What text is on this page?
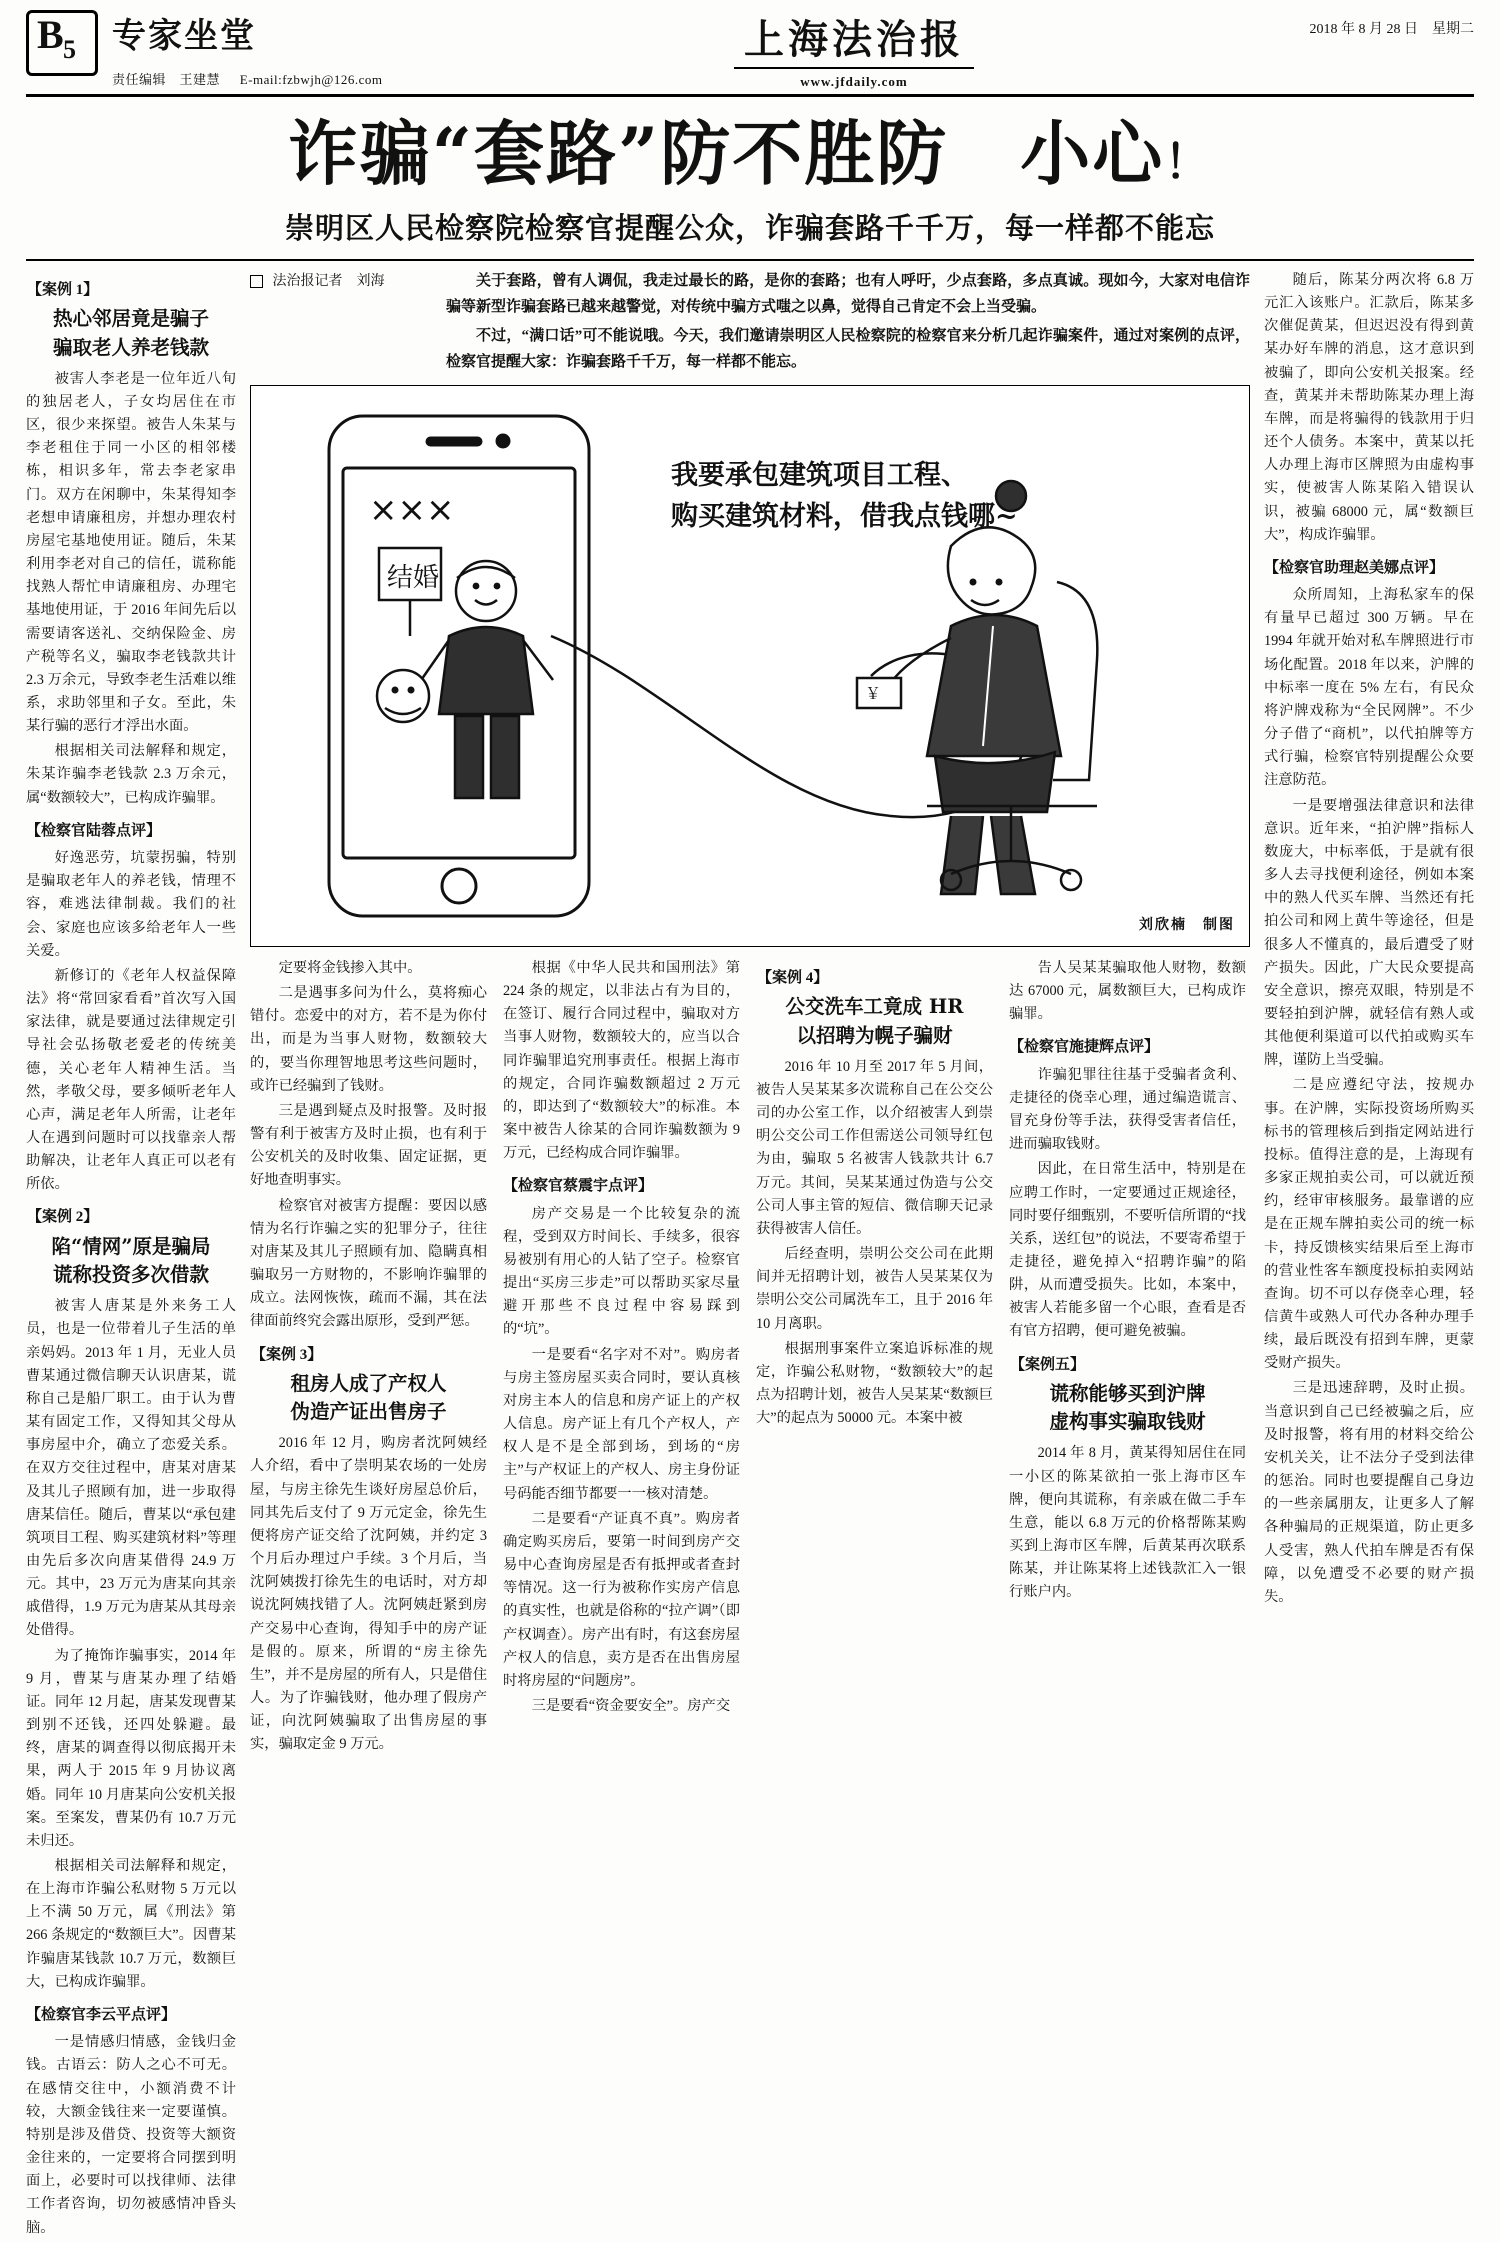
B 5 专家坐堂
责任编辑　王建慧 E-mail:fzbwjh@126.com
上海法治报
www.jfdaily.com
2018 年 8 月 28 日　星期二
诈骗“套路”防不胜防　小心！
崇明区人民检察院检察官提醒公众，诈骗套路千千万，每一样都不能忘
【案例 1】
热心邻居竟是骗子
骗取老人养老钱款

被害人李老是一位年近八旬的独居老人，子女均居住在市区，很少来探望。被告人朱某与李老租住于同一小区的相邻楼栋，相识多年，常去李老家串门。双方在闲聊中，朱某得知李老想申请廉租房，并想办理农村房屋宅基地使用证。随后，朱某利用李老对自己的信任，谎称能找熟人帮忙申请廉租房、办理宅基地使用证，于 2016 年间先后以需要请客送礼、交纳保险金、房产税等名义，骗取李老钱款共计 2.3 万余元，导致李老生活难以维系，求助邻里和子女。至此，朱某行骗的恶行才浮出水面。

根据相关司法解释和规定，朱某诈骗李老钱款 2.3 万余元，属“数额较大”，已构成诈骗罪。

【检察官陆蓉点评】

好逸恶劳，坑蒙拐骗，特别是骗取老年人的养老钱，情理不容，难逃法律制裁。我们的社会、家庭也应该多给老年人一些关爱。

新修订的《老年人权益保障法》将“常回家看看”首次写入国家法律，就是要通过法律规定引导社会弘扬敬老爱老的传统美德，关心老年人精神生活。当然，孝敬父母，要多倾听老年人心声，满足老年人所需，让老年人在遇到问题时可以找靠亲人帮助解决，让老年人真正可以老有所依。

【案例 2】
陷“情网”原是骗局
谎称投资多次借款

被害人唐某是外来务工人员，也是一位带着儿子生活的单亲妈妈。2013 年 1 月，无业人员曹某通过微信聊天认识唐某，谎称自己是船厂职工。由于认为曹某有固定工作，又得知其父母从事房屋中介，确立了恋爱关系。在双方交往过程中，唐某对唐某及其儿子照顾有加，进一步取得唐某信任。随后，曹某以“承包建筑项目工程、购买建筑材料”等理由先后多次向唐某借得 24.9 万元。其中，23 万元为唐某向其亲戚借得，1.9 万元为唐某从其母亲处借得。

为了掩饰诈骗事实，2014 年 9 月，曹某与唐某办理了结婚证。同年 12 月起，唐某发现曹某到别不还钱，还四处躲避。最终，唐某的调查得以彻底揭开未果，两人于 2015 年 9 月协议离婚。同年 10 月唐某向公安机关报案。至案发，曹某仍有 10.7 万元未归还。

根据相关司法解释和规定，在上海市诈骗公私财物 5 万元以上不满 50 万元，属《刑法》第 266 条规定的“数额巨大”。因曹某诈骗唐某钱款 10.7 万元，数额巨大，已构成诈骗罪。

【检察官李云平点评】

一是情感归情感，金钱归金钱。古语云：防人之心不可无。在感情交往中，小额消费不计较，大额金钱往来一定要谨慎。特别是涉及借贷、投资等大额资金往来的，一定要将合同摆到明面上，必要时可以找律师、法律工作者咨询，切勿被感情冲昏头脑。

法治报记者 刘海	关于套路，曾有人调侃，我走过最长的路，是你的套路；也有人呼吁，少点套路，多点真诚。现如今，大家对电信诈骗等新型诈骗套路已越来越警觉，对传统中骗方式嗤之以鼻，觉得自己肯定不会上当受骗。

不过，“满口话”可不能说哦。今天，我们邀请崇明区人民检察院的检察官来分析几起诈骗案件，通过对案例的点评，检察官提醒大家：诈骗套路千千万，每一样都不能忘。

×××
结婚
￥
我要承包建筑项目工程、
购买建筑材料，借我点钱哪~
刘欣楠　制图

定要将金钱掺入其中。

二是遇事多问为什么，莫将痴心错付。恋爱中的对方，若不是为你付出，而是为当事人财物，数额较大的，要当你理智地思考这些问题时，或许已经骗到了钱财。

三是遇到疑点及时报警。及时报警有利于被害方及时止损，也有利于公安机关的及时收集、固定证据，更好地查明事实。

检察官对被害方提醒：要因以感情为名行诈骗之实的犯罪分子，往往对唐某及其儿子照顾有加、隐瞒真相骗取另一方财物的，不影响诈骗罪的成立。法网恢恢，疏而不漏，其在法律面前终究会露出原形，受到严惩。

【案例 3】
租房人成了产权人
伪造产证出售房子

2016 年 12 月，购房者沈阿姨经人介绍，看中了崇明某农场的一处房屋，与房主徐先生谈好房屋总价后，同其先后支付了 9 万元定金，徐先生便将房产证交给了沈阿姨，并约定 3 个月后办理过户手续。3 个月后，当沈阿姨拨打徐先生的电话时，对方却说沈阿姨找错了人。沈阿姨赶紧到房产交易中心查询，得知手中的房产证是假的。原来，所谓的“房主徐先生”，并不是房屋的所有人，只是借住人。为了诈骗钱财，他办理了假房产证，向沈阿姨骗取了出售房屋的事实，骗取定金 9 万元。

根据《中华人民共和国刑法》第 224 条的规定，以非法占有为目的，在签订、履行合同过程中，骗取对方当事人财物，数额较大的，应当以合同诈骗罪追究刑事责任。根据上海市的规定，合同诈骗数额超过 2 万元的，即达到了“数额较大”的标准。本案中被告人徐某的合同诈骗数额为 9 万元，已经构成合同诈骗罪。

【检察官蔡震宇点评】

房产交易是一个比较复杂的流程，受到双方时间长、手续多，很容易被别有用心的人钻了空子。检察官提出“买房三步走”可以帮助买家尽量避开那些不良过程中容易踩到的“坑”。

一是要看“名字对不对”。购房者与房主签房屋买卖合同时，要认真核对房主本人的信息和房产证上的产权人信息。房产证上有几个产权人，产权人是不是全部到场，到场的“房主”与产权证上的产权人、房主身份证号码能否细节都要一一核对清楚。

二是要看“产证真不真”。购房者确定购买房后，要第一时间到房产交易中心查询房屋是否有抵押或者查封等情况。这一行为被称作实房产信息的真实性，也就是俗称的“拉产调”（即产权调查）。房产出有时，有这套房屋产权人的信息，卖方是否在出售房屋时将房屋的“问题房”。

三是要看“资金要安全”。房产交

【案例 4】
公交洗车工竟成 HR
以招聘为幌子骗财

2016 年 10 月至 2017 年 5 月间，被告人吴某某多次谎称自己在公交公司的办公室工作，以介绍被害人到崇明公交公司工作但需送公司领导红包为由，骗取 5 名被害人钱款共计 6.7 万元。其间，吴某某通过伪造与公交公司人事主管的短信、微信聊天记录获得被害人信任。

后经查明，崇明公交公司在此期间并无招聘计划，被告人吴某某仅为崇明公交公司属洗车工，且于 2016 年 10 月离职。

根据刑事案件立案追诉标准的规定，诈骗公私财物，“数额较大”的起点为招聘计划，被告人吴某某“数额巨大”的起点为 50000 元。本案中被

告人吴某某骗取他人财物，数额达 67000 元，属数额巨大，已构成诈骗罪。

【检察官施捷辉点评】

诈骗犯罪往往基于受骗者贪利、走捷径的侥幸心理，通过编造谎言、冒充身份等手法，获得受害者信任，进而骗取钱财。

因此，在日常生活中，特别是在应聘工作时，一定要通过正规途径，同时要仔细甄别，不要听信所谓的“找关系，送红包”的说法，不要寄希望于走捷径，避免掉入“招聘诈骗”的陷阱，从而遭受损失。比如，本案中，被害人若能多留一个心眼，查看是否有官方招聘，便可避免被骗。

【案例五】
谎称能够买到沪牌
虚构事实骗取钱财

2014 年 8 月，黄某得知居住在同一小区的陈某欲拍一张上海市区车牌，便向其谎称，有亲戚在做二手车生意，能以 6.8 万元的价格帮陈某购买到上海市区车牌，后黄某再次联系陈某，并让陈某将上述钱款汇入一银行账户内。

随后，陈某分两次将 6.8 万元汇入该账户。汇款后，陈某多次催促黄某，但迟迟没有得到黄某办好车牌的消息，这才意识到被骗了，即向公安机关报案。经查，黄某并未帮助陈某办理上海车牌，而是将骗得的钱款用于归还个人债务。本案中，黄某以托人办理上海市区牌照为由虚构事实，使被害人陈某陷入错误认识，被骗 68000 元，属“数额巨大”，构成诈骗罪。

【检察官助理赵美娜点评】

众所周知，上海私家车的保有量早已超过 300 万辆。早在 1994 年就开始对私车牌照进行市场化配置。2018 年以来，沪牌的中标率一度在 5% 左右，有民众将沪牌戏称为“全民网牌”。不少分子借了“商机”，以代拍牌等方式行骗，检察官特别提醒公众要注意防范。

一是要增强法律意识和法律意识。近年来，“拍沪牌”指标人数庞大，中标率低，于是就有很多人去寻找便利途径，例如本案中的熟人代买车牌、当然还有托拍公司和网上黄牛等途径，但是很多人不懂真的，最后遭受了财产损失。因此，广大民众要提高安全意识，擦亮双眼，特别是不要轻拍到沪牌，就轻信有熟人或其他便利渠道可以代拍或购买车牌，谨防上当受骗。

二是应遵纪守法，按规办事。在沪牌，实际投资场所购买标书的管理核后到指定网站进行投标。值得注意的是，上海现有多家正规拍卖公司，可以就近预约，经审审核服务。最靠谱的应是在正规车牌拍卖公司的统一标卡，持反馈核实结果后至上海市的营业性客车额度投标拍卖网站查询。切不可以存侥幸心理，轻信黄牛或熟人可代办各种办理手续，最后既没有招到车牌，更蒙受财产损失。

三是迅速辞聘，及时止损。当意识到自己已经被骗之后，应及时报警，将有用的材料交给公安机关关，让不法分子受到法律的惩治。同时也要提醒自己身边的一些亲属朋友，让更多人了解各种骗局的正规渠道，防止更多人受害，熟人代拍车牌是否有保障，以免遭受不必要的财产损失。
